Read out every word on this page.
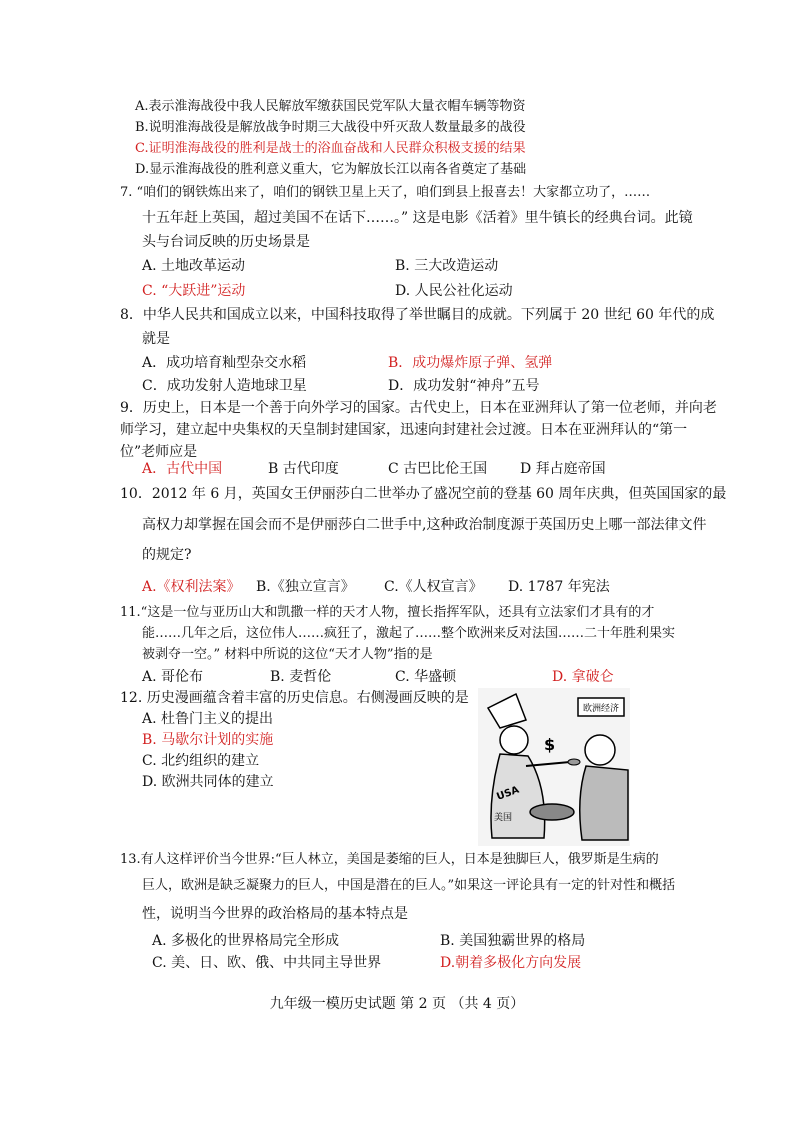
A.表示淮海战役中我人民解放军缴获国民党军队大量衣帽车辆等物资
B.说明淮海战役是解放战争时期三大战役中歼灭敌人数量最多的战役
C.证明淮海战役的胜利是战士的浴血奋战和人民群众积极支援的结果
D.显示淮海战役的胜利意义重大，它为解放长江以南各省奠定了基础
7. “咱们的钢铁炼出来了，咱们的钢铁卫星上天了，咱们到县上报喜去！大家都立功了，……
十五年赶上英国，超过美国不在话下……。” 这是电影《活着》里牛镇长的经典台词。此镜
头与台词反映的历史场景是
A. 土地改革运动	B. 三大改造运动
C. “大跃进”运动	D. 人民公社化运动
8．中华人民共和国成立以来，中国科技取得了举世瞩目的成就。下列属于 20 世纪 60 年代的成
就是
A．成功培育籼型杂交水稻	B．成功爆炸原子弹、氢弹
C．成功发射人造地球卫星	D．成功发射“神舟”五号
9．历史上，日本是一个善于向外学习的国家。古代史上，日本在亚洲拜认了第一位老师，并向老
师学习，建立起中央集权的天皇制封建国家，迅速向封建社会过渡。日本在亚洲拜认的“第一
位”老师应是
A．古代中国	B 古代印度	C 古巴比伦王国 D 拜占庭帝国
10．2012 年 6 月，英国女王伊丽莎白二世举办了盛况空前的登基 60 周年庆典，但英国国家的最
高权力却掌握在国会而不是伊丽莎白二世手中,这种政治制度源于英国历史上哪一部法律文件
的规定?
A.《权利法案》 B.《独立宣言》 C.《人权宣言》 D. 1787 年宪法
11.“这是一位与亚历山大和凯撒一样的天才人物，擅长指挥军队，还具有立法家们才具有的才
能……几年之后，这位伟人……疯狂了，激起了……整个欧洲来反对法国……二十年胜利果实
被剥夺一空。” 材料中所说的这位“天才人物”指的是
A. 哥伦布	B. 麦哲伦	C. 华盛顿	D. 拿破仑
12. 历史漫画蕴含着丰富的历史信息。右侧漫画反映的是
A. 杜鲁门主义的提出
B. 马歇尔计划的实施
C. 北约组织的建立
D. 欧洲共同体的建立
欧洲经济
USA
美国
$
13.有人这样评价当今世界:“巨人林立，美国是萎缩的巨人，日本是独脚巨人，俄罗斯是生病的
巨人，欧洲是缺乏凝聚力的巨人，中国是潜在的巨人。”如果这一评论具有一定的针对性和概括
性，说明当今世界的政治格局的基本特点是
A. 多极化的世界格局完全形成	B. 美国独霸世界的格局
C. 美、日、欧、俄、中共同主导世界	D.朝着多极化方向发展
九年级一模历史试题 第 2 页 （共 4 页）
